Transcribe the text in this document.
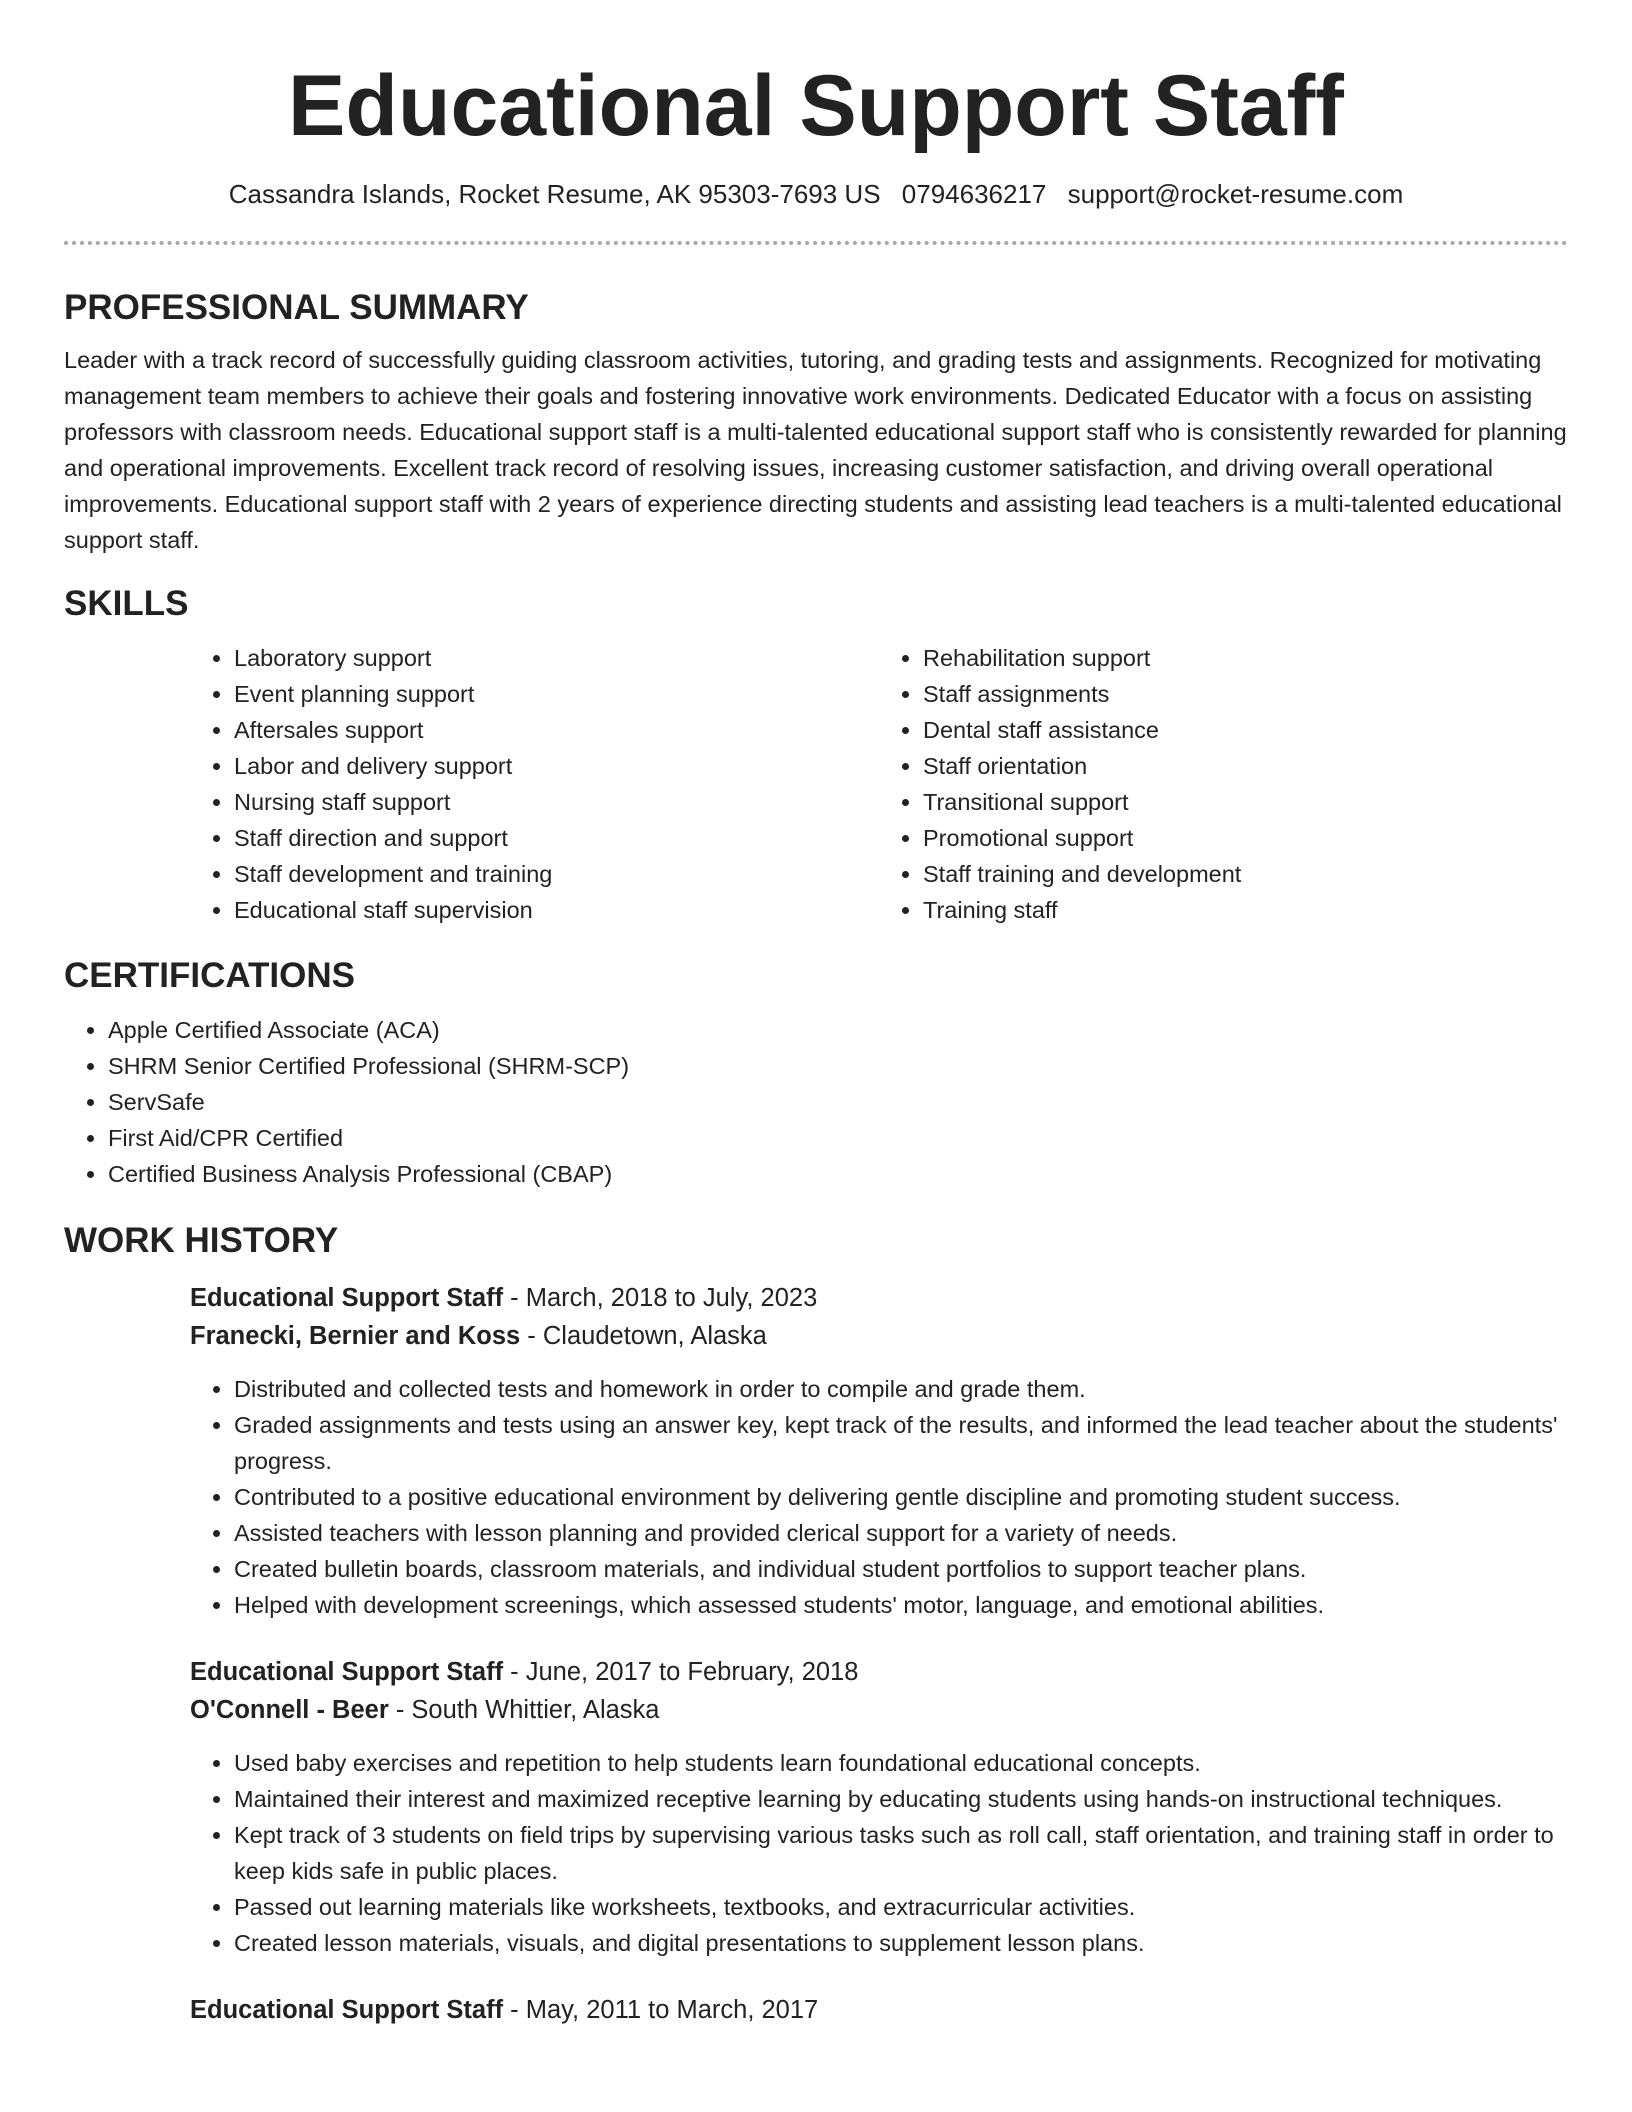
Educational Support Staff
Cassandra Islands, Rocket Resume, AK 95303-7693 US 0794636217 support@rocket-resume.com
PROFESSIONAL SUMMARY

Leader with a track record of successfully guiding classroom activities, tutoring, and grading tests and assignments. Recognized for motivating management team members to achieve their goals and fostering innovative work environments. Dedicated Educator with a focus on assisting professors with classroom needs. Educational support staff is a multi-talented educational support staff who is consistently rewarded for planning and operational improvements. Excellent track record of resolving issues, increasing customer satisfaction, and driving overall operational improvements. Educational support staff with 2 years of experience directing students and assisting lead teachers is a multi-talented educational support staff.

SKILLS
• Laboratory support
• Event planning support
• Aftersales support
• Labor and delivery support
• Nursing staff support
• Staff direction and support
• Staff development and training
• Educational staff supervision
• Rehabilitation support
• Staff assignments
• Dental staff assistance
• Staff orientation
• Transitional support
• Promotional support
• Staff training and development
• Training staff
CERTIFICATIONS
• Apple Certified Associate (ACA)
• SHRM Senior Certified Professional (SHRM-SCP)
• ServSafe
• First Aid/CPR Certified
• Certified Business Analysis Professional (CBAP)
WORK HISTORY
Educational Support Staff - March, 2018 to July, 2023
Franecki, Bernier and Koss - Claudetown, Alaska
• Distributed and collected tests and homework in order to compile and grade them.
• Graded assignments and tests using an answer key, kept track of the results, and informed the lead teacher about the students' progress.
• Contributed to a positive educational environment by delivering gentle discipline and promoting student success.
• Assisted teachers with lesson planning and provided clerical support for a variety of needs.
• Created bulletin boards, classroom materials, and individual student portfolios to support teacher plans.
• Helped with development screenings, which assessed students' motor, language, and emotional abilities.
Educational Support Staff - June, 2017 to February, 2018
O'Connell - Beer - South Whittier, Alaska
• Used baby exercises and repetition to help students learn foundational educational concepts.
• Maintained their interest and maximized receptive learning by educating students using hands-on instructional techniques.
• Kept track of 3 students on field trips by supervising various tasks such as roll call, staff orientation, and training staff in order to keep kids safe in public places.
• Passed out learning materials like worksheets, textbooks, and extracurricular activities.
• Created lesson materials, visuals, and digital presentations to supplement lesson plans.
Educational Support Staff - May, 2011 to March, 2017
